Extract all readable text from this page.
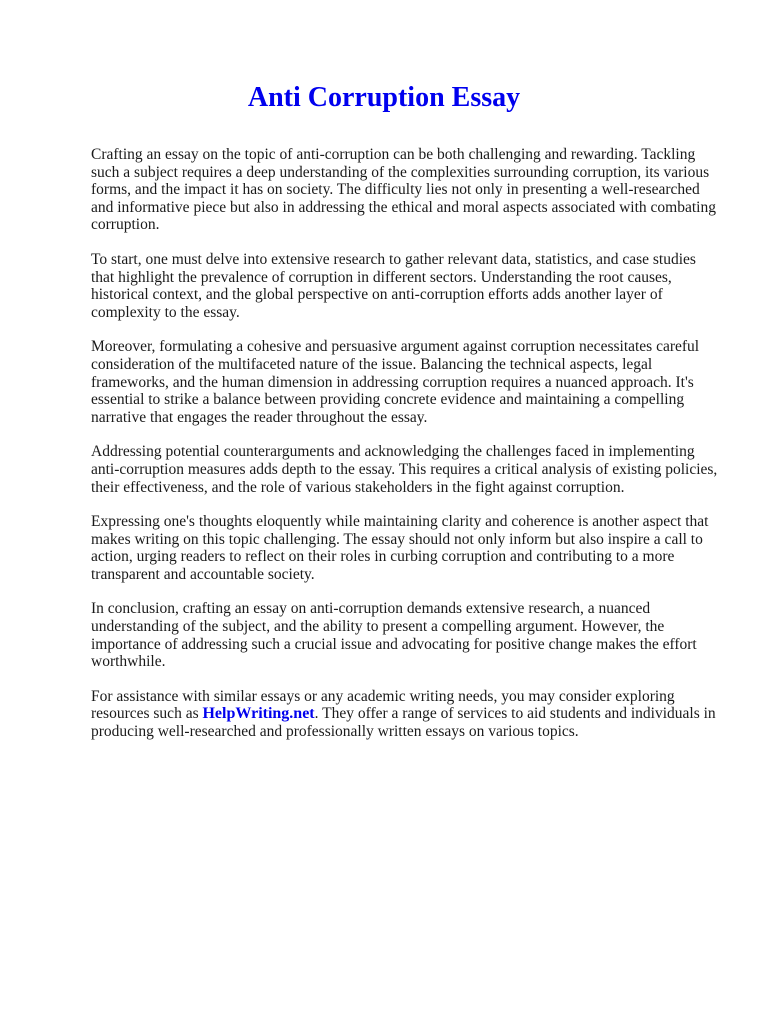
Anti Corruption Essay

Crafting an essay on the topic of anti-corruption can be both challenging and rewarding. Tackling such a subject requires a deep understanding of the complexities surrounding corruption, its various forms, and the impact it has on society. The difficulty lies not only in presenting a well-researched and informative piece but also in addressing the ethical and moral aspects associated with combating corruption.

To start, one must delve into extensive research to gather relevant data, statistics, and case studies that highlight the prevalence of corruption in different sectors. Understanding the root causes, historical context, and the global perspective on anti-corruption efforts adds another layer of complexity to the essay.

Moreover, formulating a cohesive and persuasive argument against corruption necessitates careful consideration of the multifaceted nature of the issue. Balancing the technical aspects, legal frameworks, and the human dimension in addressing corruption requires a nuanced approach. It's essential to strike a balance between providing concrete evidence and maintaining a compelling narrative that engages the reader throughout the essay.

Addressing potential counterarguments and acknowledging the challenges faced in implementing anti-corruption measures adds depth to the essay. This requires a critical analysis of existing policies, their effectiveness, and the role of various stakeholders in the fight against corruption.

Expressing one's thoughts eloquently while maintaining clarity and coherence is another aspect that makes writing on this topic challenging. The essay should not only inform but also inspire a call to action, urging readers to reflect on their roles in curbing corruption and contributing to a more transparent and accountable society.

In conclusion, crafting an essay on anti-corruption demands extensive research, a nuanced understanding of the subject, and the ability to present a compelling argument. However, the importance of addressing such a crucial issue and advocating for positive change makes the effort worthwhile.

For assistance with similar essays or any academic writing needs, you may consider exploring resources such as HelpWriting.net. They offer a range of services to aid students and individuals in producing well-researched and professionally written essays on various topics.
